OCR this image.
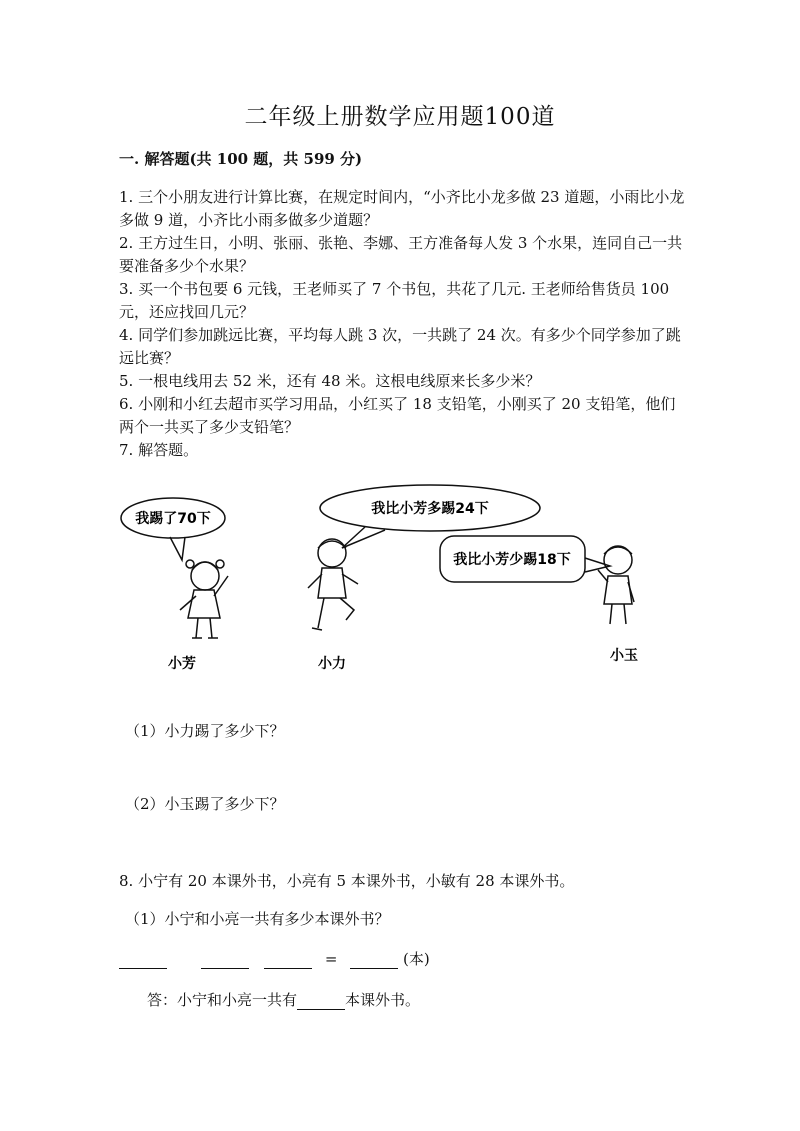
二年级上册数学应用题100道
一. 解答题(共 100 题，共 599 分)

1. 三个小朋友进行计算比赛，在规定时间内，“小齐比小龙多做 23 道题，小雨比小龙多做 9 道，小齐比小雨多做多少道题？

2. 王方过生日，小明、张丽、张艳、李娜、王方准备每人发 3 个水果，连同自己一共要准备多少个水果？

3. 买一个书包要 6 元钱，王老师买了 7 个书包，共花了几元. 王老师给售货员 100 元，还应找回几元？

4. 同学们参加跳远比赛，平均每人跳 3 次，一共跳了 24 次。有多少个同学参加了跳远比赛？

5. 一根电线用去 52 米，还有 48 米。这根电线原来长多少米？

6. 小刚和小红去超市买学习用品，小红买了 18 支铅笔，小刚买了 20 支铅笔，他们两个一共买了多少支铅笔？

7. 解答题。

我踢了70下
我比小芳多踢24下
我比小芳少踢18下
小芳	小力	小玉
（1）小力踢了多少下？
（2）小玉踢了多少下？
8. 小宁有 20 本课外书，小亮有 5 本课外书，小敏有 28 本课外书。
（1）小宁和小亮一共有多少本课外书？
=	(本)
答：小宁和小亮一共有	本课外书。
